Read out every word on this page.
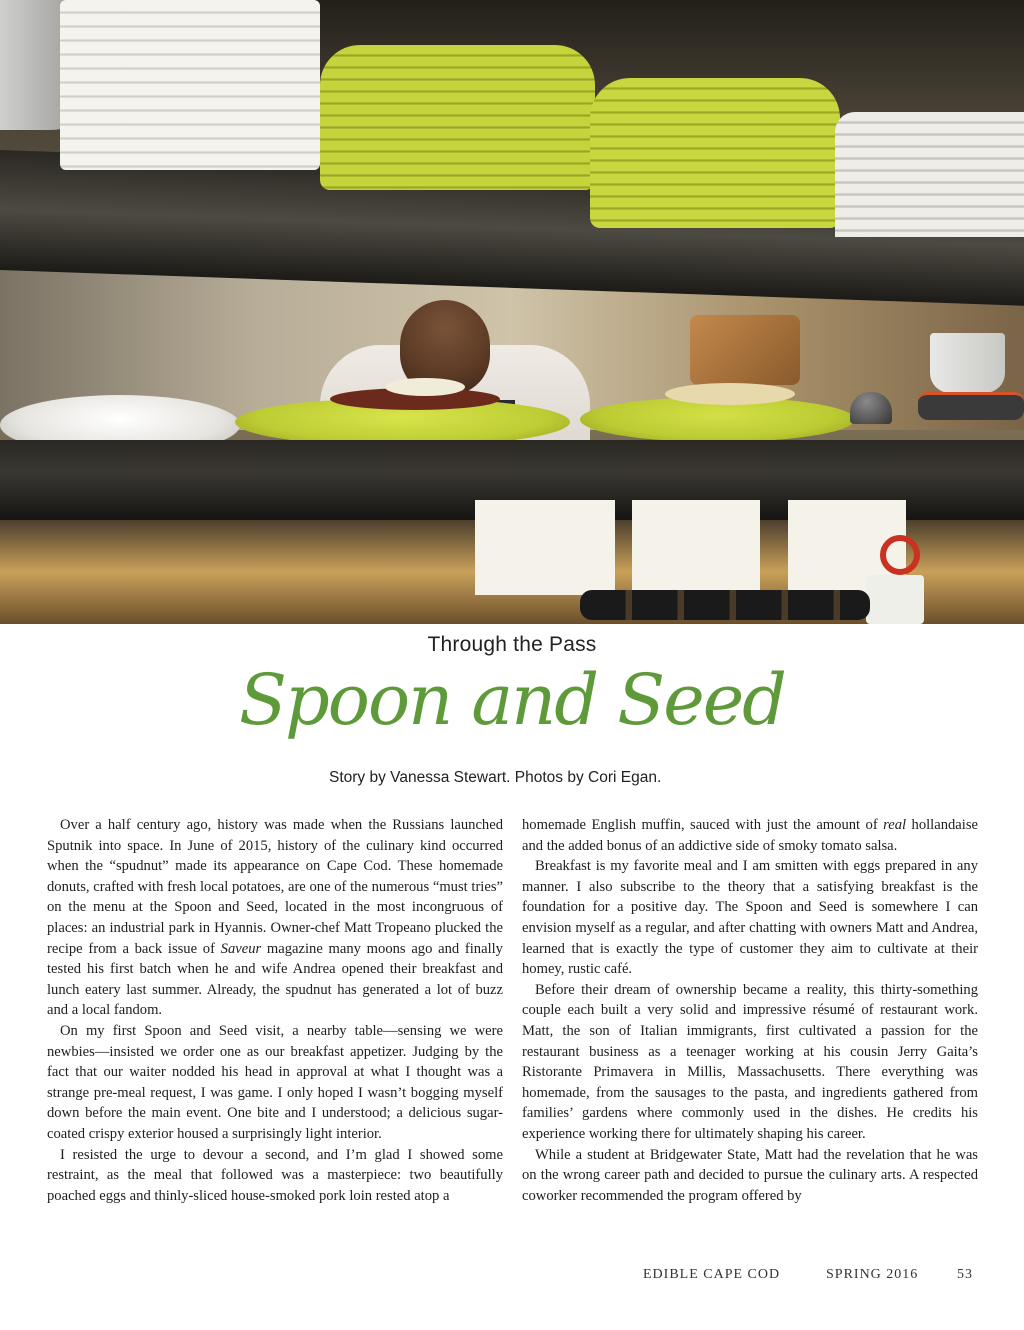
Through the Pass
Spoon and Seed
Story by Vanessa Stewart. Photos by Cori Egan.

Over a half century ago, history was made when the Russians launched Sputnik into space. In June of 2015, history of the culinary kind occurred when the “spudnut” made its appearance on Cape Cod. These homemade donuts, crafted with fresh local potatoes, are one of the numerous “must tries” on the menu at the Spoon and Seed, located in the most incongruous of places: an industrial park in Hyannis. Owner-chef Matt Tropeano plucked the recipe from a back issue of Saveur magazine many moons ago and finally tested his first batch when he and wife Andrea opened their breakfast and lunch eatery last summer. Already, the spudnut has generated a lot of buzz and a local fandom.

On my first Spoon and Seed visit, a nearby table—sensing we were newbies—insisted we order one as our breakfast appetizer. Judging by the fact that our waiter nodded his head in approval at what I thought was a strange pre-meal request, I was game. I only hoped I wasn’t bogging myself down before the main event. One bite and I understood; a delicious sugar-coated crispy exterior housed a surprisingly light interior.

I resisted the urge to devour a second, and I’m glad I showed some restraint, as the meal that followed was a masterpiece: two beautifully poached eggs and thinly-sliced house-smoked pork loin rested atop a

homemade English muffin, sauced with just the amount of real hollandaise and the added bonus of an addictive side of smoky tomato salsa.

Breakfast is my favorite meal and I am smitten with eggs prepared in any manner. I also subscribe to the theory that a satisfying breakfast is the foundation for a positive day. The Spoon and Seed is somewhere I can envision myself as a regular, and after chatting with owners Matt and Andrea, learned that is exactly the type of customer they aim to cultivate at their homey, rustic café.

Before their dream of ownership became a reality, this thirty-something couple each built a very solid and impressive résumé of restaurant work. Matt, the son of Italian immigrants, first cultivated a passion for the restaurant business as a teenager working at his cousin Jerry Gaita’s Ristorante Primavera in Millis, Massachusetts. There everything was homemade, from the sausages to the pasta, and ingredients gathered from families’ gardens where commonly used in the dishes. He credits his experience working there for ultimately shaping his career.

While a student at Bridgewater State, Matt had the revelation that he was on the wrong career path and decided to pursue the culinary arts. A respected coworker recommended the program offered by

EDIBLE CAPE COD	SPRING 2016	53
